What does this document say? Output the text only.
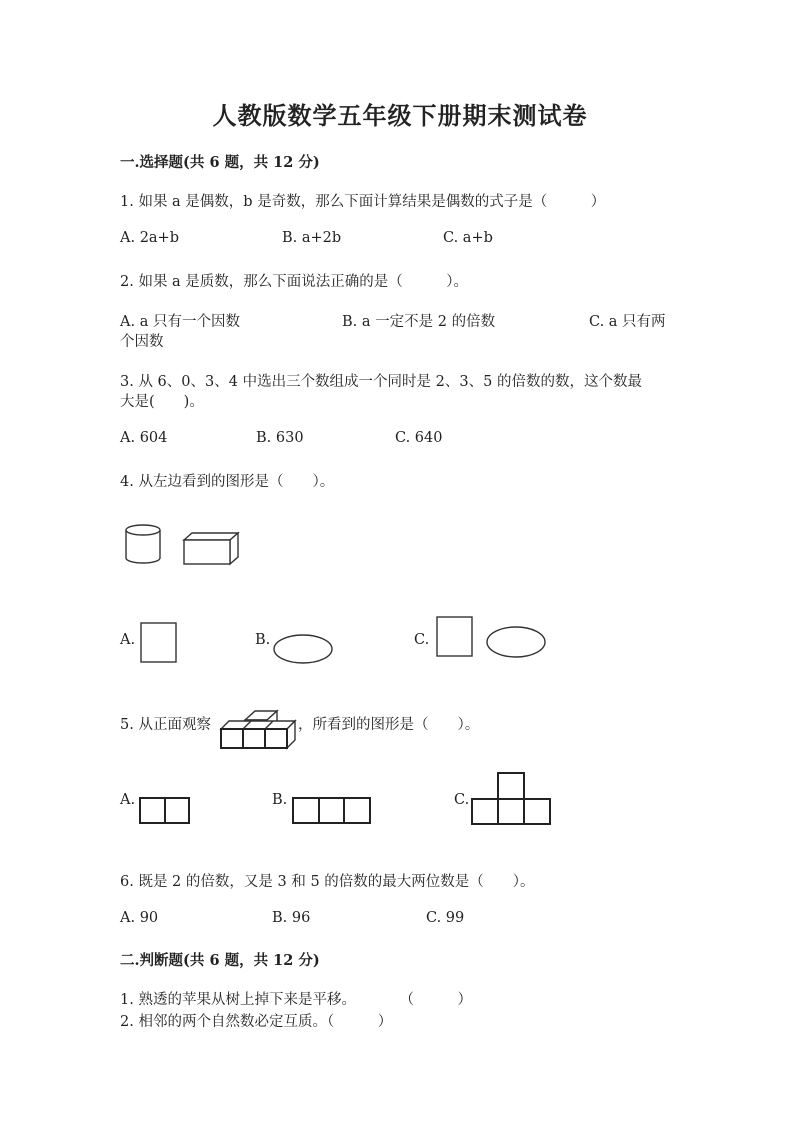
人教版数学五年级下册期末测试卷
一.选择题(共 6 题，共 12 分)
1. 如果 a 是偶数，b 是奇数，那么下面计算结果是偶数的式子是（　　　）
A. 2a+b	B. a+2b	C. a+b
2. 如果 a 是质数，那么下面说法正确的是（　　　）。
A. a 只有一个因数	B. a 一定不是 2 的倍数	C. a 只有两
个因数
3. 从 6、0、3、4 中选出三个数组成一个同时是 2、3、5 的倍数的数，这个数最
大是(　　)。
A. 604	B. 630	C. 640
4. 从左边看到的图形是（　　）。
A.	B.	C.
5. 从正面观察	，所看到的图形是（　　）。
A.	B.	C.
6. 既是 2 的倍数，又是 3 和 5 的倍数的最大两位数是（　　）。
A. 90	B. 96	C. 99
二.判断题(共 6 题，共 12 分)
1. 熟透的苹果从树上掉下来是平移。　　　　（　　　）
2. 相邻的两个自然数必定互质。（　　　）
